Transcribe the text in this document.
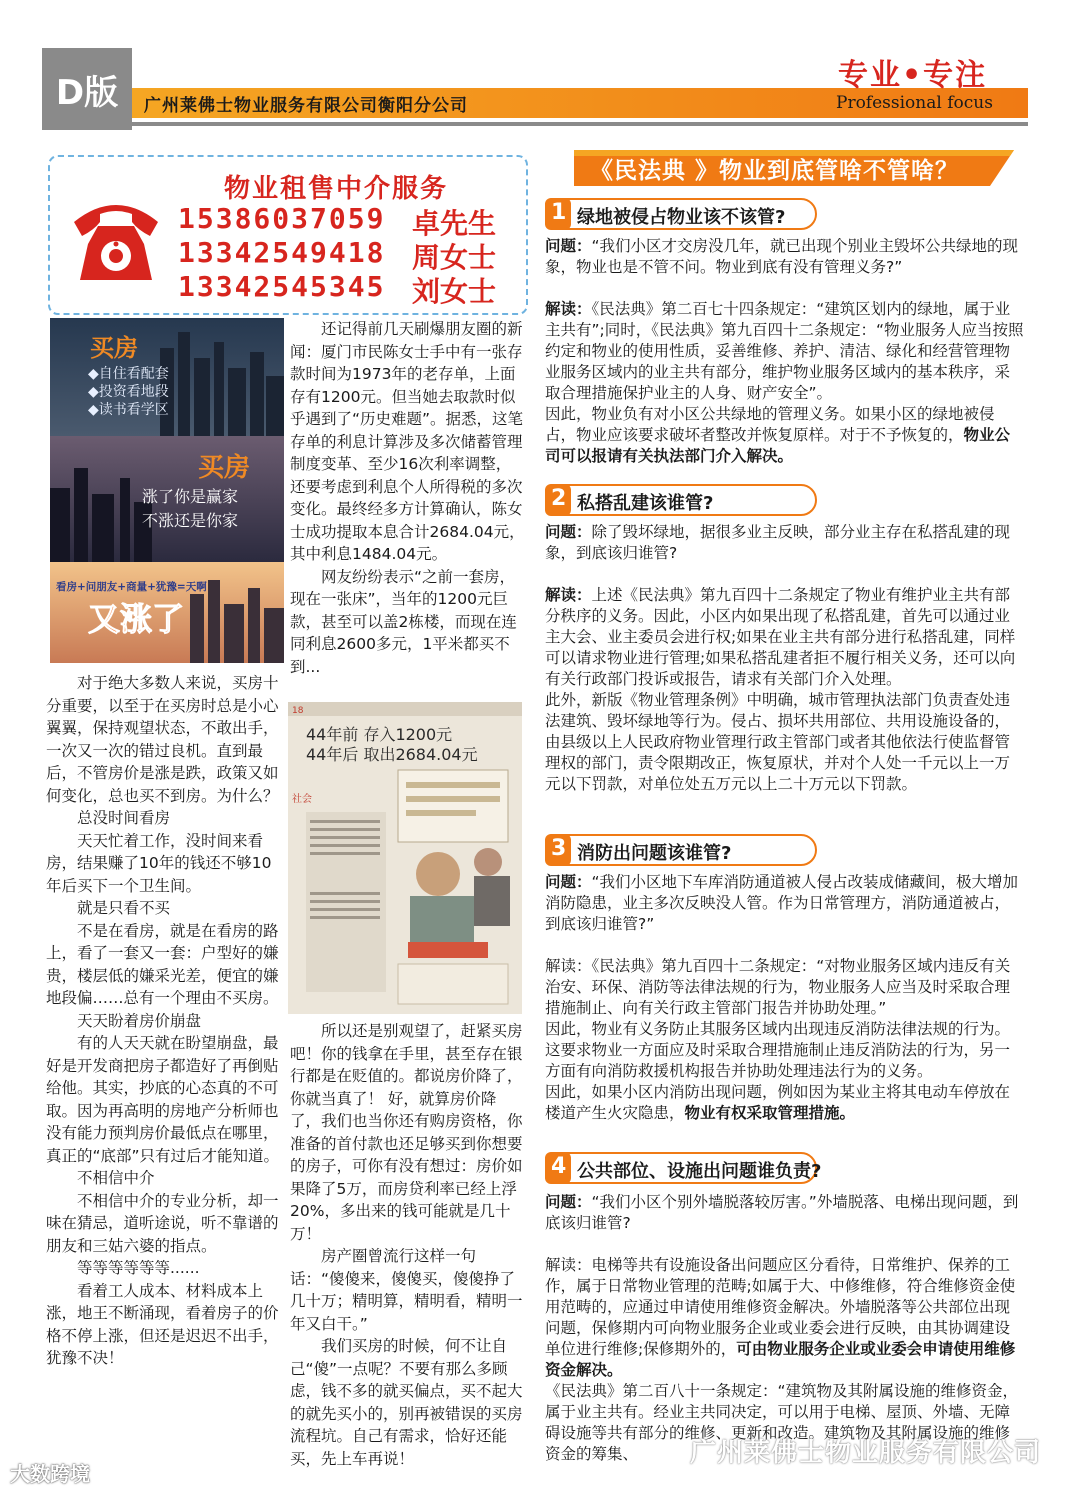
D版	广州莱佛士物业服务有限公司衡阳分公司
专业•专注
Professional focus
物业租售中介服务
15386037059 卓先生
13342549418 周女士
13342545345 刘女士
买房
◆自住看配套
◆投资看地段
◆读书看学区
买房
涨了你是赢家
不涨还是你家
看房+问朋友+商量+犹豫=天啊
又涨了

还记得前几天刷爆朋友圈的新闻：厦门市民陈女士手中有一张存款时间为1973年的老存单，上面存有1200元。但当她去取款时似乎遇到了“历史难题”。据悉，这笔存单的利息计算涉及多次储蓄管理制度变革、至少16次利率调整，还要考虑到利息个人所得税的多次变化。最终经多方计算确认，陈女士成功提取本息合计2684.04元，其中利息1484.04元。

网友纷纷表示“之前一套房，现在一张床”，当年的1200元巨款，甚至可以盖2栋楼，而现在连同利息2600多元，1平米都买不到...

18
44年前 存入1200元
44年后 取出2684.04元
社会

所以还是别观望了，赶紧买房吧！你的钱拿在手里，甚至存在银行都是在贬值的。都说房价降了，你就当真了！ 好，就算房价降了，我们也当你还有购房资格，你准备的首付款也还足够买到你想要的房子，可你有没有想过：房价如果降了5万，而房贷利率已经上浮20%，多出来的钱可能就是几十万！

房产圈曾流行这样一句话：“傻傻来，傻傻买，傻傻挣了几十万；精明算，精明看，精明一年又白干。”

我们买房的时候，何不让自己“傻”一点呢？不要有那么多顾虑，钱不多的就买偏点，买不起大的就先买小的，别再被错误的买房流程坑。自己有需求，恰好还能买，先上车再说！

对于绝大多数人来说，买房十分重要，以至于在买房时总是小心翼翼，保持观望状态，不敢出手，一次又一次的错过良机。直到最后，不管房价是涨是跌，政策又如何变化，总也买不到房。为什么？

总没时间看房

天天忙着工作，没时间来看房，结果赚了10年的钱还不够10年后买下一个卫生间。

就是只看不买

不是在看房，就是在看房的路上，看了一套又一套：户型好的嫌贵，楼层低的嫌采光差，便宜的嫌地段偏……总有一个理由不买房。

天天盼着房价崩盘

有的人天天就在盼望崩盘，最好是开发商把房子都造好了再倒贴给他。其实，抄底的心态真的不可取。因为再高明的房地产分析师也没有能力预判房价最低点在哪里，真正的“底部”只有过后才能知道。

不相信中介

不相信中介的专业分析，却一味在猜忌，道听途说，听不靠谱的朋友和三姑六婆的指点。

等等等等等等......

看着工人成本、材料成本上涨，地王不断涌现，看着房子的价格不停上涨，但还是迟迟不出手，犹豫不决！

《民法典 》物业到底管啥不管啥？
1 绿地被侵占物业该不该管?

问题：“我们小区才交房没几年，就已出现个别业主毁坏公共绿地的现象，物业也是不管不问。物业到底有没有管理义务?”

解读：《民法典》第二百七十四条规定：“建筑区划内的绿地，属于业主共有”;同时，《民法典》第九百四十二条规定：“物业服务人应当按照约定和物业的使用性质，妥善维修、养护、清洁、绿化和经营管理物业服务区域内的业主共有部分，维护物业服务区域内的基本秩序，采取合理措施保护业主的人身、财产安全”。

因此，物业负有对小区公共绿地的管理义务。如果小区的绿地被侵占，物业应该要求破坏者整改并恢复原样。对于不予恢复的，物业公司可以报请有关执法部门介入解决。

2 私搭乱建该谁管?

问题：除了毁坏绿地，据很多业主反映，部分业主存在私搭乱建的现象，到底该归谁管?

解读：上述《民法典》第九百四十二条规定了物业有维护业主共有部分秩序的义务。因此，小区内如果出现了私搭乱建，首先可以通过业主大会、业主委员会进行权;如果在业主共有部分进行私搭乱建，同样可以请求物业进行管理;如果私搭乱建者拒不履行相关义务，还可以向有关行政部门投诉或报告，请求有关部门介入处理。

此外，新版《物业管理条例》中明确，城市管理执法部门负责查处违法建筑、毁坏绿地等行为。侵占、损坏共用部位、共用设施设备的，由县级以上人民政府物业管理行政主管部门或者其他依法行使监督管理权的部门，责令限期改正，恢复原状，并对个人处一千元以上一万元以下罚款，对单位处五万元以上二十万元以下罚款。

3 消防出问题该谁管?

问题：“我们小区地下车库消防通道被人侵占改装成储藏间，极大增加消防隐患，业主多次反映没人管。作为日常管理方，消防通道被占，到底该归谁管?”

解读：《民法典》第九百四十二条规定：“对物业服务区域内违反有关治安、环保、消防等法律法规的行为，物业服务人应当及时采取合理措施制止、向有关行政主管部门报告并协助处理。”

因此，物业有义务防止其服务区域内出现违反消防法律法规的行为。这要求物业一方面应及时采取合理措施制止违反消防法的行为，另一方面有向消防救援机构报告并协助处理违法行为的义务。

因此，如果小区内消防出现问题，例如因为某业主将其电动车停放在楼道产生火灾隐患，物业有权采取管理措施。

4 公共部位、设施出问题谁负责?

问题：“我们小区个别外墙脱落较厉害。”外墙脱落、电梯出现问题，到底该归谁管?

解读：电梯等共有设施设备出问题应区分看待，日常维护、保养的工作，属于日常物业管理的范畴;如属于大、中修维修，符合维修资金使用范畴的，应通过申请使用维修资金解决。外墙脱落等公共部位出现问题，保修期内可向物业服务企业或业委会进行反映，由其协调建设单位进行维修;保修期外的，可由物业服务企业或业委会申请使用维修资金解决。

《民法典》第二百八十一条规定：“建筑物及其附属设施的维修资金，属于业主共有。经业主共同决定，可以用于电梯、屋顶、外墙、无障碍设施等共有部分的维修、更新和改造。建筑物及其附属设施的维修资金的筹集、

大数跨境
广州莱佛士物业服务有限公司
